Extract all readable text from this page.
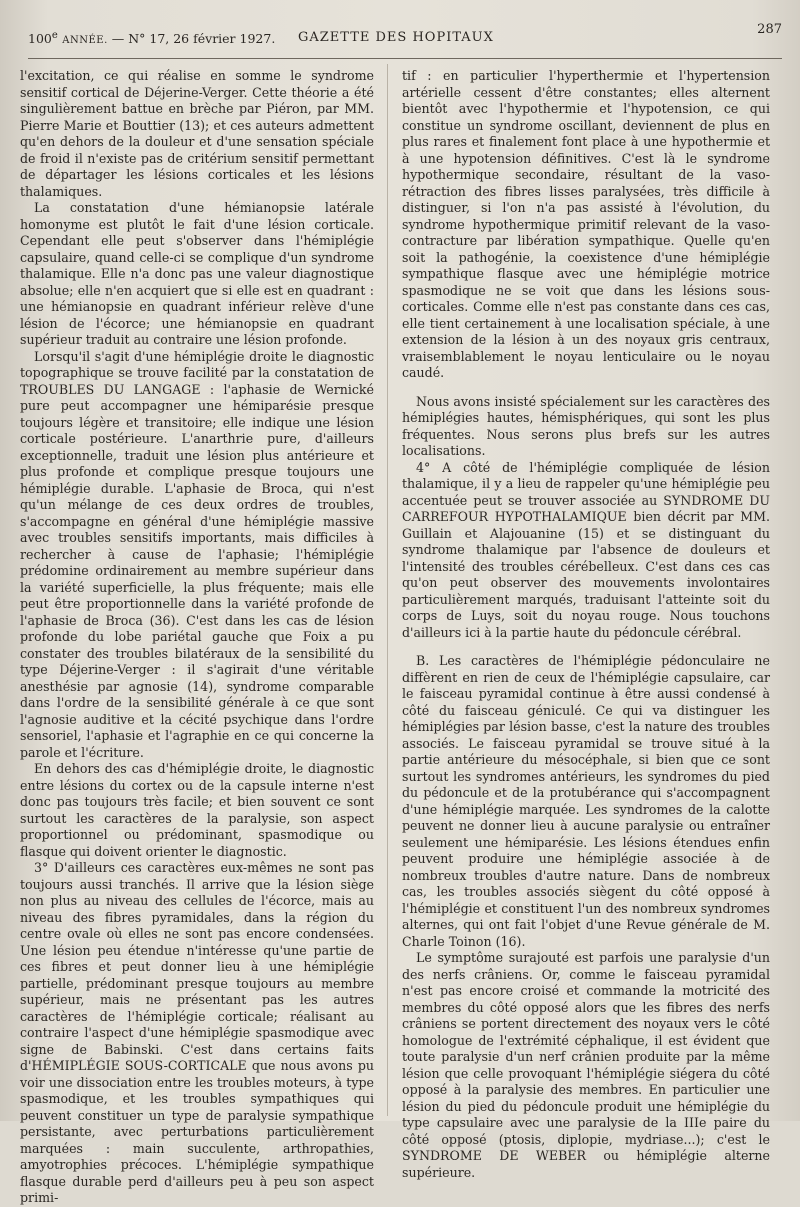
100e ANNÉE. — N° 17, 26 février 1927. GAZETTE DES HOPITAUX
287

l'excitation, ce qui réalise en somme le syndrome sensitif cortical de Déjerine-Verger. Cette théorie a été singulièrement battue en brèche par Piéron, par MM. Pierre Marie et Bouttier (13); et ces auteurs admettent qu'en dehors de la douleur et d'une sensation spéciale de froid il n'existe pas de critérium sensitif permettant de départager les lésions corticales et les lésions thalamiques.

La constatation d'une hémianopsie latérale homonyme est plutôt le fait d'une lésion corticale. Cependant elle peut s'observer dans l'hémiplégie capsulaire, quand celle-ci se complique d'un syndrome thalamique. Elle n'a donc pas une valeur diagnostique absolue; elle n'en acquiert que si elle est en quadrant : une hémianopsie en quadrant inférieur relève d'une lésion de l'écorce; une hémianopsie en quadrant supérieur traduit au contraire une lésion profonde.

Lorsqu'il s'agit d'une hémiplégie droite le diagnostic topographique se trouve facilité par la constatation de TROUBLES DU LANGAGE : l'aphasie de Wernické pure peut accompagner une hémiparésie presque toujours légère et transitoire; elle indique une lésion corticale postérieure. L'anarthrie pure, d'ailleurs exceptionnelle, traduit une lésion plus antérieure et plus profonde et complique presque toujours une hémiplégie durable. L'aphasie de Broca, qui n'est qu'un mélange de ces deux ordres de troubles, s'accompagne en général d'une hémiplégie massive avec troubles sensitifs importants, mais difficiles à rechercher à cause de l'aphasie; l'hémiplégie prédomine ordinairement au membre supérieur dans la variété superficielle, la plus fréquente; mais elle peut être proportionnelle dans la variété profonde de l'aphasie de Broca (36). C'est dans les cas de lésion profonde du lobe pariétal gauche que Foix a pu constater des troubles bilatéraux de la sensibilité du type Déjerine-Verger : il s'agirait d'une véritable anesthésie par agnosie (14), syndrome comparable dans l'ordre de la sensibilité générale à ce que sont l'agnosie auditive et la cécité psychique dans l'ordre sensoriel, l'aphasie et l'agraphie en ce qui concerne la parole et l'écriture.

En dehors des cas d'hémiplégie droite, le diagnostic entre lésions du cortex ou de la capsule interne n'est donc pas toujours très facile; et bien souvent ce sont surtout les caractères de la paralysie, son aspect proportionnel ou prédominant, spasmodique ou flasque qui doivent orienter le diagnostic.

3° D'ailleurs ces caractères eux-mêmes ne sont pas toujours aussi tranchés. Il arrive que la lésion siège non plus au niveau des cellules de l'écorce, mais au niveau des fibres pyramidales, dans la région du centre ovale où elles ne sont pas encore condensées. Une lésion peu étendue n'intéresse qu'une partie de ces fibres et peut donner lieu à une hémiplégie partielle, prédominant presque toujours au membre supérieur, mais ne présentant pas les autres caractères de l'hémiplégie corticale; réalisant au contraire l'aspect d'une hémiplégie spasmodique avec signe de Babinski. C'est dans certains faits d'HÉMIPLÉGIE SOUS-CORTICALE que nous avons pu voir une dissociation entre les troubles moteurs, à type spasmodique, et les troubles sympathiques qui peuvent constituer un type de paralysie sympathique persistante, avec perturbations particulièrement marquées : main succulente, arthropathies, amyotrophies précoces. L'hémiplégie sympathique flasque durable perd d'ailleurs peu à peu son aspect primi-

tif : en particulier l'hyperthermie et l'hypertension artérielle cessent d'être constantes; elles alternent bientôt avec l'hypothermie et l'hypotension, ce qui constitue un syndrome oscillant, deviennent de plus en plus rares et finalement font place à une hypothermie et à une hypotension définitives. C'est là le syndrome hypothermique secondaire, résultant de la vaso-rétraction des fibres lisses paralysées, très difficile à distinguer, si l'on n'a pas assisté à l'évolution, du syndrome hypothermique primitif relevant de la vaso-contracture par libération sympathique. Quelle qu'en soit la pathogénie, la coexistence d'une hémiplégie sympathique flasque avec une hémiplégie motrice spasmodique ne se voit que dans les lésions sous-corticales. Comme elle n'est pas constante dans ces cas, elle tient certainement à une localisation spéciale, à une extension de la lésion à un des noyaux gris centraux, vraisemblablement le noyau lenticulaire ou le noyau caudé.

Nous avons insisté spécialement sur les caractères des hémiplégies hautes, hémisphériques, qui sont les plus fréquentes. Nous serons plus brefs sur les autres localisations.

4° A côté de l'hémiplégie compliquée de lésion thalamique, il y a lieu de rappeler qu'une hémiplégie peu accentuée peut se trouver associée au SYNDROME DU CARREFOUR HYPOTHALAMIQUE bien décrit par MM. Guillain et Alajouanine (15) et se distinguant du syndrome thalamique par l'absence de douleurs et l'intensité des troubles cérébelleux. C'est dans ces cas qu'on peut observer des mouvements involontaires particulièrement marqués, traduisant l'atteinte soit du corps de Luys, soit du noyau rouge. Nous touchons d'ailleurs ici à la partie haute du pédoncule cérébral.

B. Les caractères de l'hémiplégie pédonculaire ne diffèrent en rien de ceux de l'hémiplégie capsulaire, car le faisceau pyramidal continue à être aussi condensé à côté du faisceau géniculé. Ce qui va distinguer les hémiplégies par lésion basse, c'est la nature des troubles associés. Le faisceau pyramidal se trouve situé à la partie antérieure du mésocéphale, si bien que ce sont surtout les syndromes antérieurs, les syndromes du pied du pédoncule et de la protubérance qui s'accompagnent d'une hémiplégie marquée. Les syndromes de la calotte peuvent ne donner lieu à aucune paralysie ou entraîner seulement une hémiparésie. Les lésions étendues enfin peuvent produire une hémiplégie associée à de nombreux troubles d'autre nature. Dans de nombreux cas, les troubles associés siègent du côté opposé à l'hémiplégie et constituent l'un des nombreux syndromes alternes, qui ont fait l'objet d'une Revue générale de M. Charle Toinon (16).

Le symptôme surajouté est parfois une paralysie d'un des nerfs crâniens. Or, comme le faisceau pyramidal n'est pas encore croisé et commande la motricité des membres du côté opposé alors que les fibres des nerfs crâniens se portent directement des noyaux vers le côté homologue de l'extrémité céphalique, il est évident que toute paralysie d'un nerf crânien produite par la même lésion que celle provoquant l'hémiplégie siégera du côté opposé à la paralysie des membres. En particulier une lésion du pied du pédoncule produit une hémiplégie du type capsulaire avec une paralysie de la IIIe paire du côté opposé (ptosis, diplopie, mydriase...); c'est le SYNDROME DE WEBER ou hémiplégie alterne supérieure.
